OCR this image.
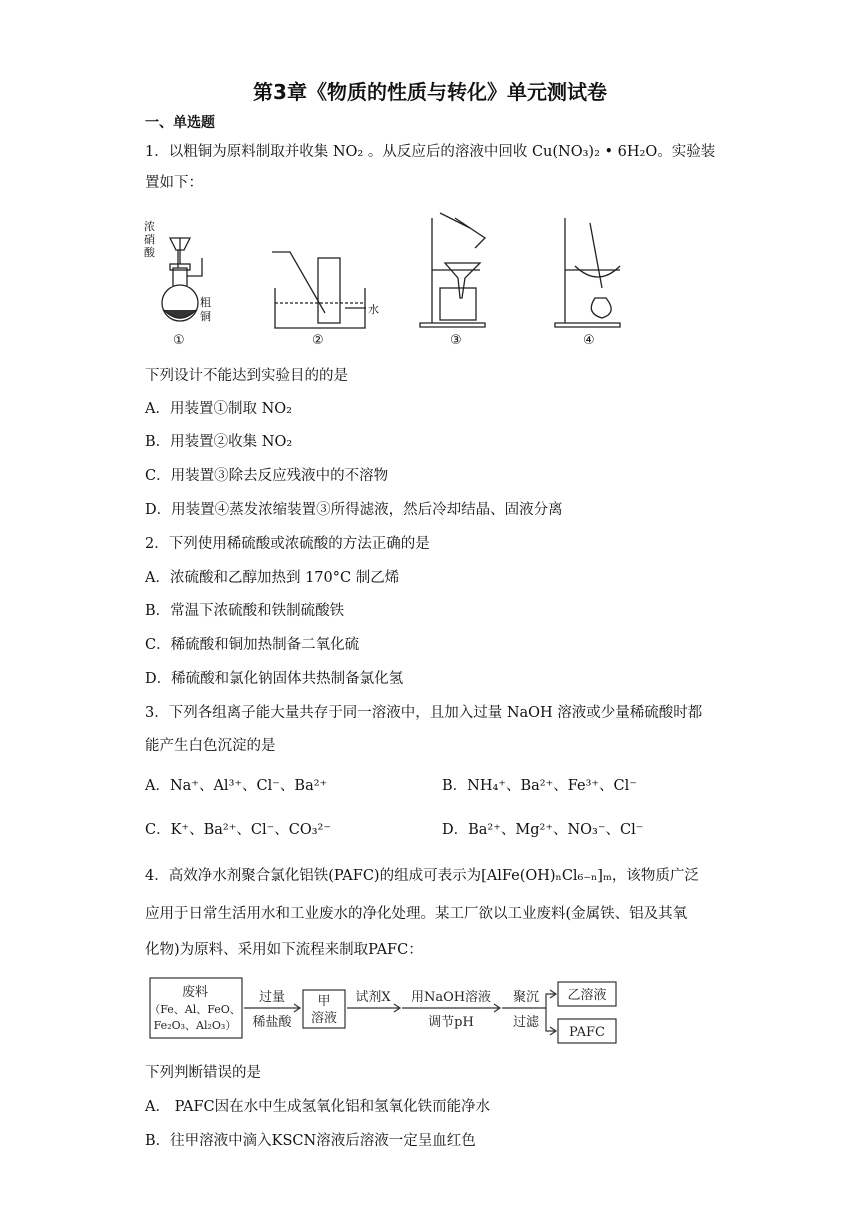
第3章《物质的性质与转化》单元测试卷
一、单选题
1．以粗铜为原料制取并收集 NO₂ 。从反应后的溶液中回收 Cu(NO₃)₂ • 6H₂O。实验装
置如下：
浓
硝
酸
粗
铜
①
水
②	③	④
下列设计不能达到实验目的的是
A．用装置①制取 NO₂
B．用装置②收集 NO₂
C．用装置③除去反应残液中的不溶物
D．用装置④蒸发浓缩装置③所得滤液，然后冷却结晶、固液分离
2．下列使用稀硫酸或浓硫酸的方法正确的是
A．浓硫酸和乙醇加热到 170°C 制乙烯
B．常温下浓硫酸和铁制硫酸铁
C．稀硫酸和铜加热制备二氧化硫
D．稀硫酸和氯化钠固体共热制备氯化氢
3．下列各组离子能大量共存于同一溶液中，且加入过量 NaOH 溶液或少量稀硫酸时都
能产生白色沉淀的是
A．Na⁺、Al³⁺、Cl⁻、Ba²⁺	B．NH₄⁺、Ba²⁺、Fe³⁺、Cl⁻
C．K⁺、Ba²⁺、Cl⁻、CO₃²⁻	D．Ba²⁺、Mg²⁺、NO₃⁻、Cl⁻
4．高效净水剂聚合氯化铝铁(PAFC)的组成可表示为[AlFe(OH)ₙCl₆₋ₙ]ₘ，该物质广泛
应用于日常生活用水和工业废水的净化处理。某工厂欲以工业废料(金属铁、铝及其氧
化物)为原料、采用如下流程来制取PAFC：
废料
（Fe、Al、FeO、
Fe₂O₃、Al₂O₃）
过量
稀盐酸
甲
溶液
试剂X 用NaOH溶液
调节pH
聚沉
过滤
乙溶液
PAFC
下列判断错误的是
A． PAFC因在水中生成氢氧化铝和氢氧化铁而能净水
B．往甲溶液中滴入KSCN溶液后溶液一定呈血红色
